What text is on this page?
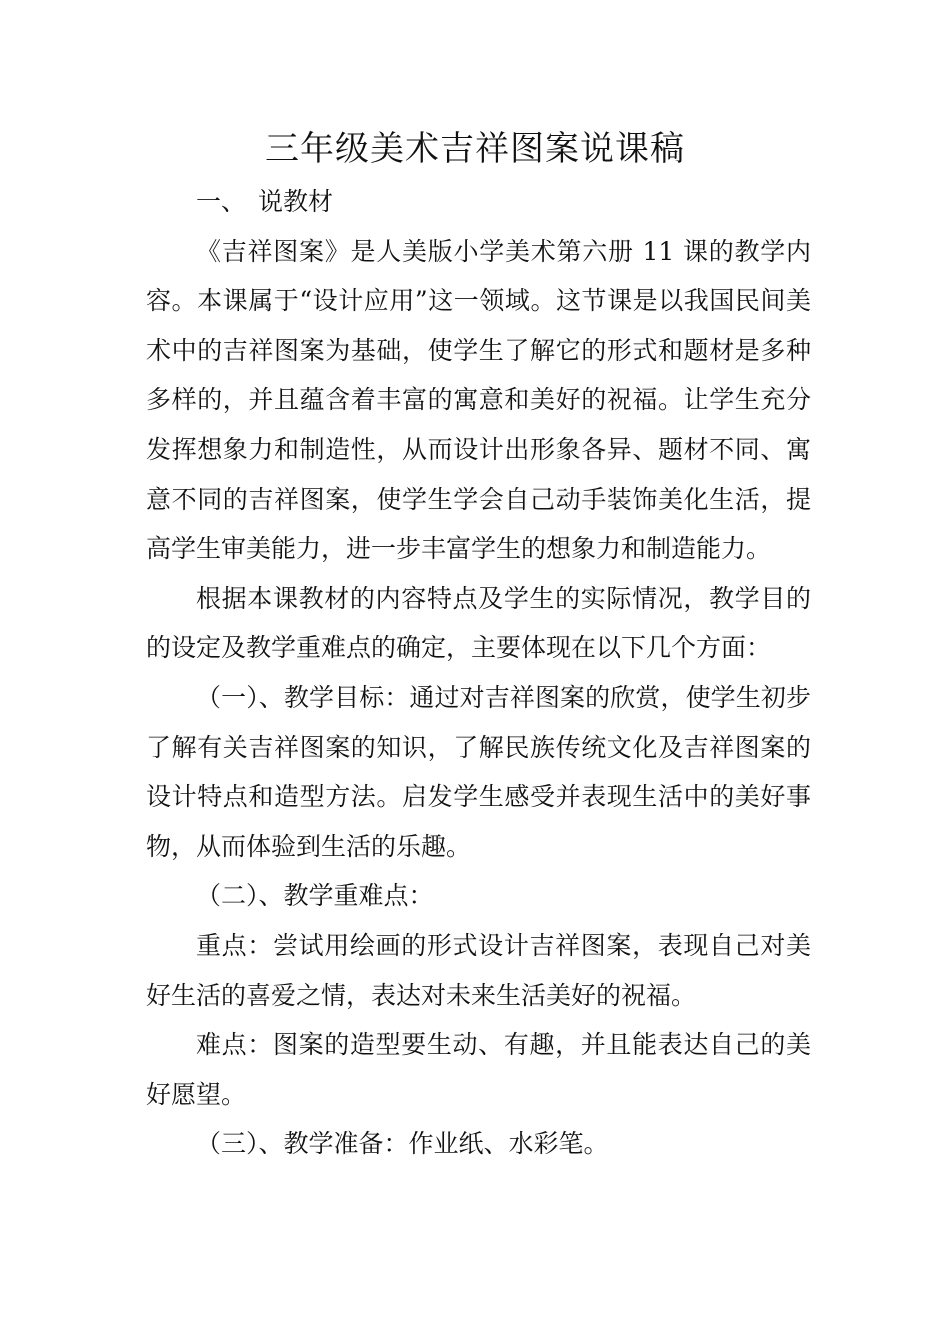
三年级美术吉祥图案说课稿

一、 说教材

《吉祥图案》是人美版小学美术第六册 11 课的教学内容。本课属于“设计应用”这一领域。这节课是以我国民间美术中的吉祥图案为基础，使学生了解它的形式和题材是多种多样的，并且蕴含着丰富的寓意和美好的祝福。让学生充分发挥想象力和制造性，从而设计出形象各异、题材不同、寓意不同的吉祥图案，使学生学会自己动手装饰美化生活，提高学生审美能力，进一步丰富学生的想象力和制造能力。

根据本课教材的内容特点及学生的实际情况，教学目的的设定及教学重难点的确定，主要体现在以下几个方面：

（一）、教学目标：通过对吉祥图案的欣赏，使学生初步了解有关吉祥图案的知识，了解民族传统文化及吉祥图案的设计特点和造型方法。启发学生感受并表现生活中的美好事物，从而体验到生活的乐趣。

（二）、教学重难点：

重点：尝试用绘画的形式设计吉祥图案，表现自己对美好生活的喜爱之情，表达对未来生活美好的祝福。

难点：图案的造型要生动、有趣，并且能表达自己的美好愿望。

（三）、教学准备：作业纸、水彩笔。
